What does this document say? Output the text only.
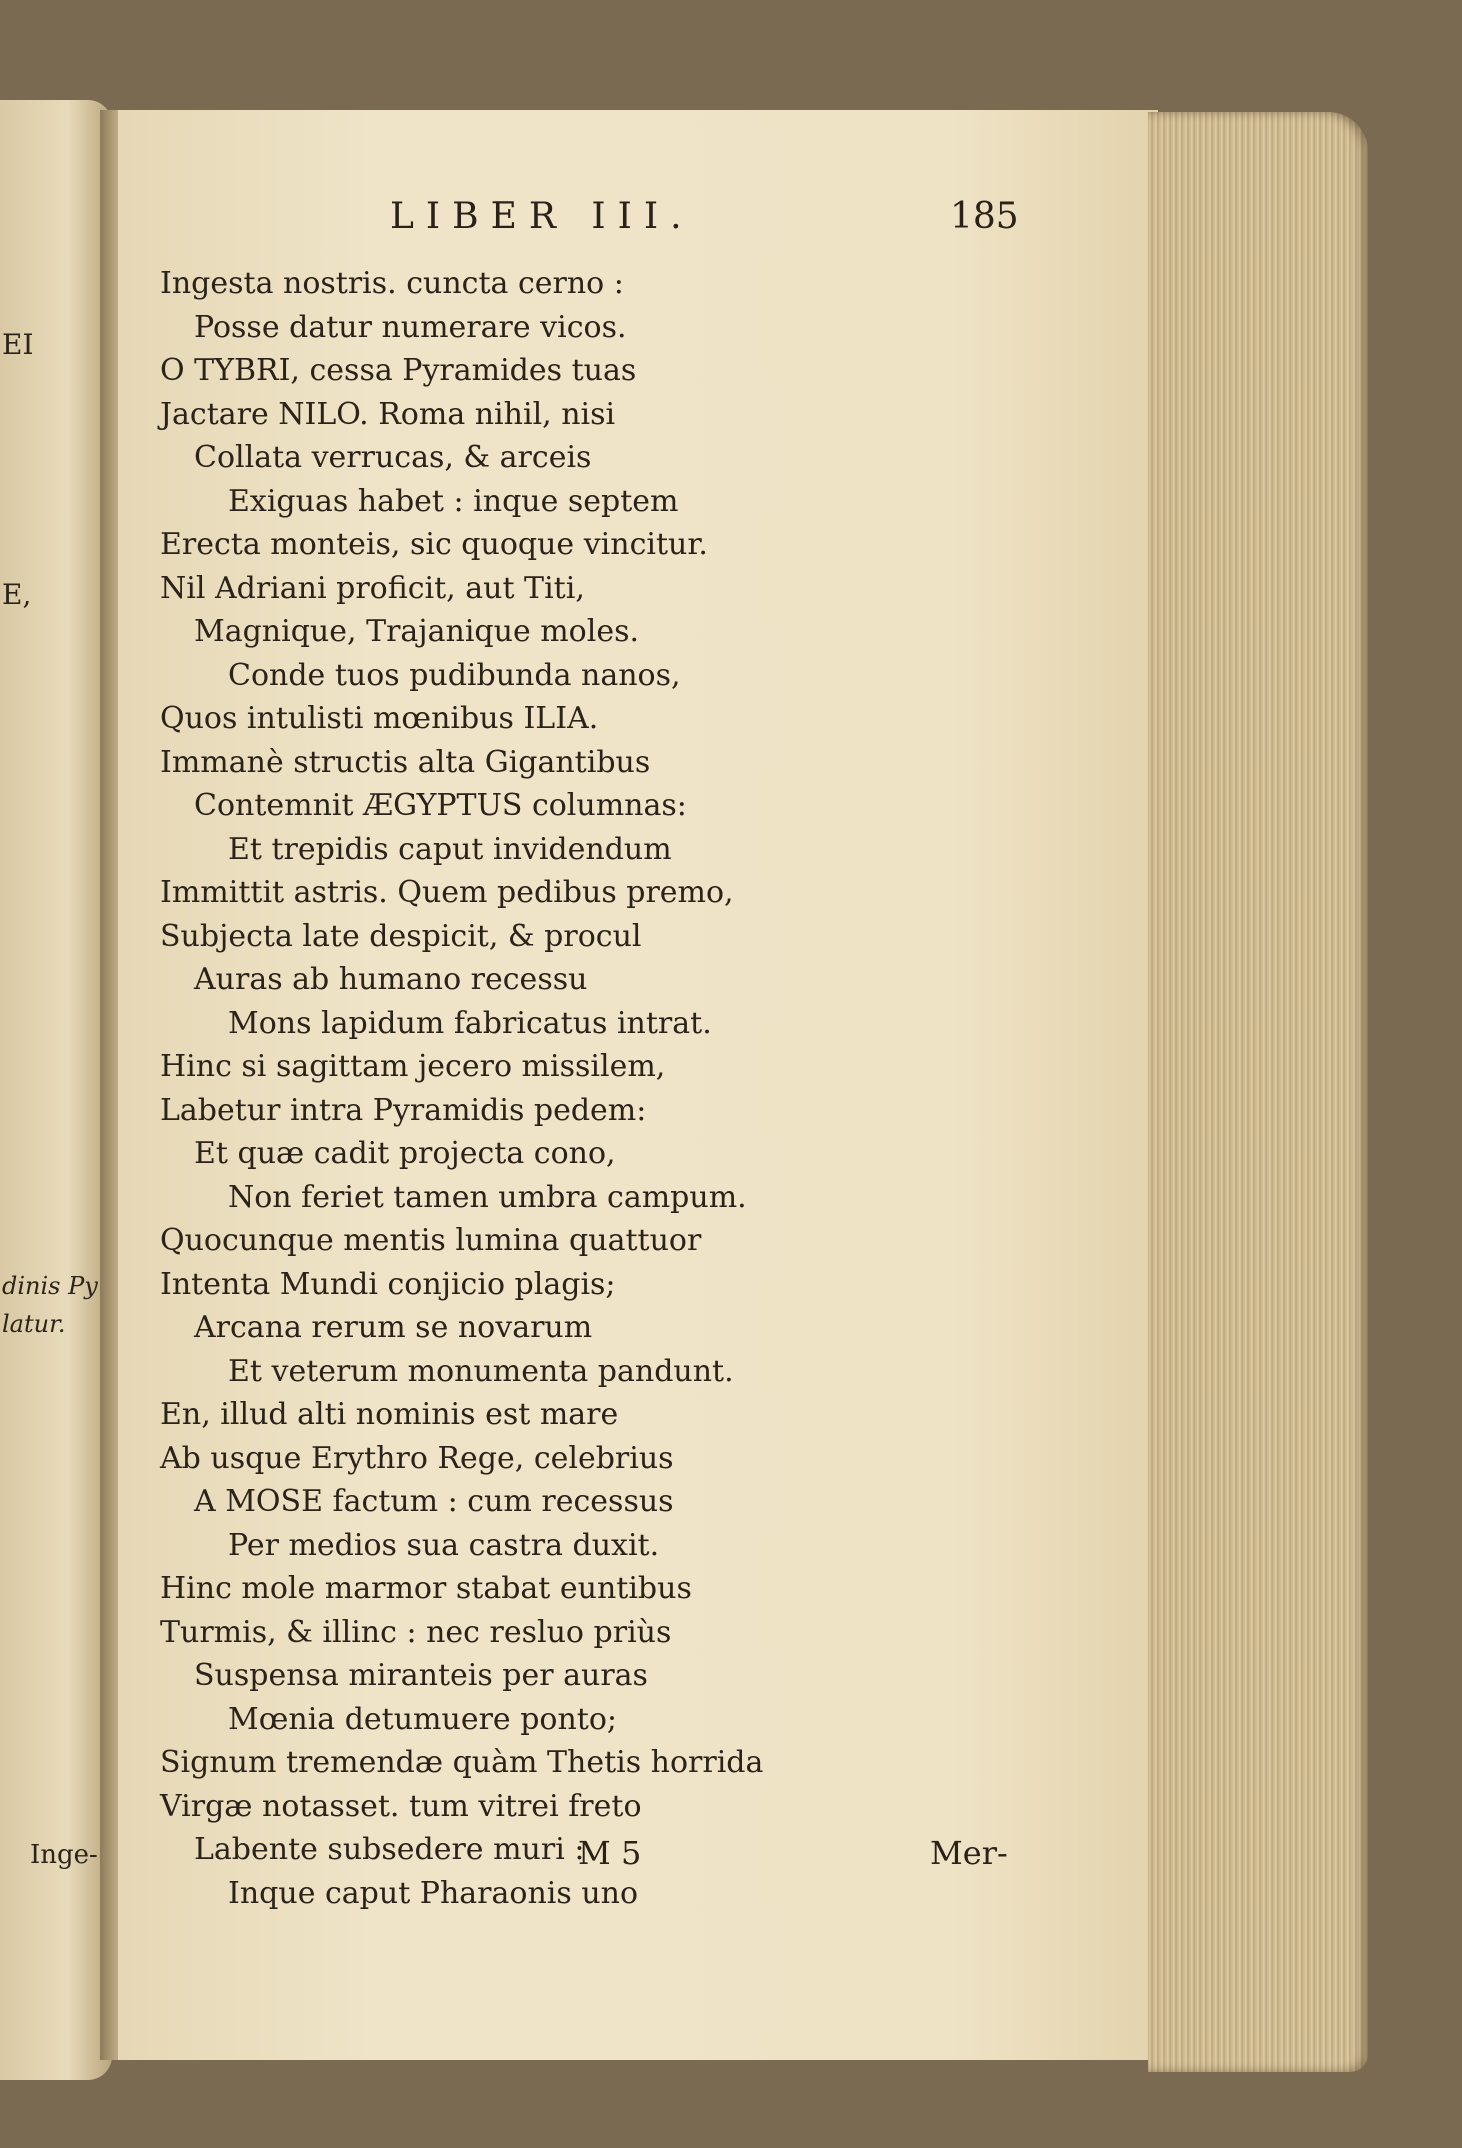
EI
E,
dinis Py
latur.
Inge-
LIBER III.	185
Ingesta nostris. cuncta cerno :
Posse datur numerare vicos.
O TYBRI, cessa Pyramides tuas
Jactare NILO. Roma nihil, nisi
Collata verrucas, & arceis
Exiguas habet : inque septem
Erecta monteis, sic quoque vincitur.
Nil Adriani proficit, aut Titi,
Magnique, Trajanique moles.
Conde tuos pudibunda nanos,
Quos intulisti mœnibus ILIA.
Immanè structis alta Gigantibus
Contemnit ÆGYPTUS columnas:
Et trepidis caput invidendum
Immittit astris. Quem pedibus premo,
Subjecta late despicit, & procul
Auras ab humano recessu
Mons lapidum fabricatus intrat.
Hinc si sagittam jecero missilem,
Labetur intra Pyramidis pedem:
Et quæ cadit projecta cono,
Non feriet tamen umbra campum.
Quocunque mentis lumina quattuor
Intenta Mundi conjicio plagis;
Arcana rerum se novarum
Et veterum monumenta pandunt.
En, illud alti nominis est mare
Ab usque Erythro Rege, celebrius
A MOSE factum : cum recessus
Per medios sua castra duxit.
Hinc mole marmor stabat euntibus
Turmis, & illinc : nec resluo priùs
Suspensa miranteis per auras
Mœnia detumuere ponto;
Signum tremendæ quàm Thetis horrida
Virgæ notasset. tum vitrei freto
Labente subsedere muri :
Inque caput Pharaonis uno
M 5	Mer-
